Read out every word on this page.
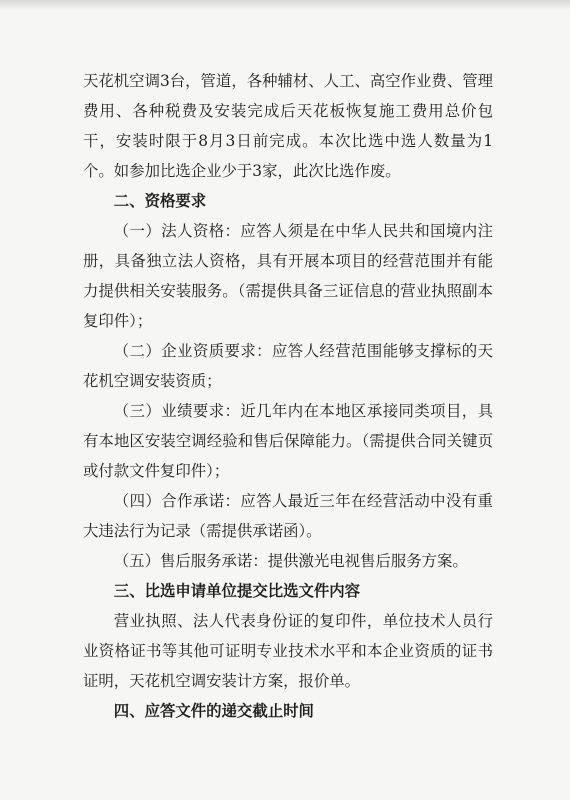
天花机空调3台，管道，各种辅材、人工、高空作业费、管理费用、各种税费及安装完成后天花板恢复施工费用总价包干，安装时限于8月3日前完成。本次比选中选人数量为1个。如参加比选企业少于3家，此次比选作废。

二、资格要求

（一）法人资格：应答人须是在中华人民共和国境内注册，具备独立法人资格，具有开展本项目的经营范围并有能力提供相关安装服务。（需提供具备三证信息的营业执照副本复印件）；

（二）企业资质要求：应答人经营范围能够支撑标的天花机空调安装资质；

（三）业绩要求：近几年内在本地区承接同类项目，具有本地区安装空调经验和售后保障能力。（需提供合同关键页或付款文件复印件）；

（四）合作承诺：应答人最近三年在经营活动中没有重大违法行为记录（需提供承诺函）。

（五）售后服务承诺：提供激光电视售后服务方案。

三、比选申请单位提交比选文件内容

营业执照、法人代表身份证的复印件，单位技术人员行业资格证书等其他可证明专业技术水平和本企业资质的证书证明，天花机空调安装计方案，报价单。

四、应答文件的递交截止时间
